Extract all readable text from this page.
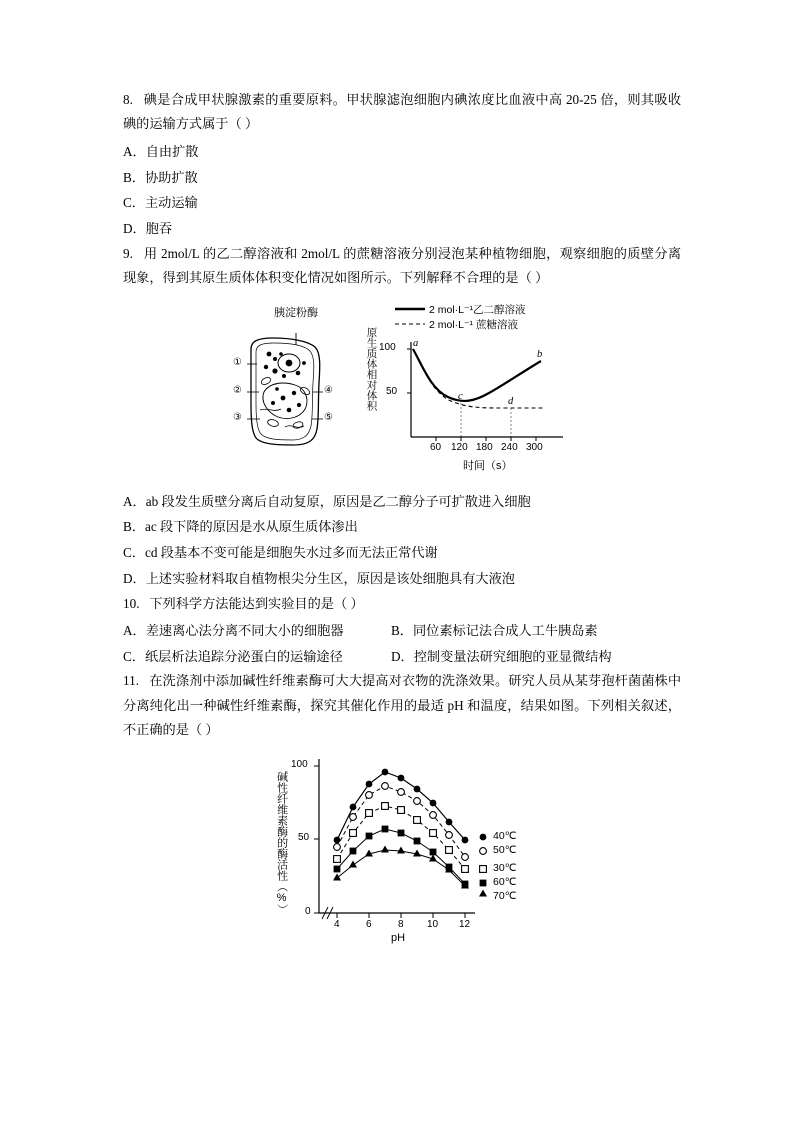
8. 碘是合成甲状腺激素的重要原料。甲状腺滤泡细胞内碘浓度比血液中高 20-25 倍，则其吸收碘的运输方式属于（ ）

A．自由扩散

B．协助扩散

C．主动运输

D．胞吞

9. 用 2mol/L 的乙二醇溶液和 2mol/L 的蔗糖溶液分别浸泡某种植物细胞，观察细胞的质壁分离现象，得到其原生质体体积变化情况如图所示。下列解释不合理的是（ ）

胰淀粉酶
①
②
③
④
⑤
2 mol·L⁻¹乙二醇溶液
2 mol·L⁻¹ 蔗糖溶液
原生质体相对体积 100
50
60 120 180 240 300
时间（s）
a
b
c	d

A．ab 段发生质壁分离后自动复原，原因是乙二醇分子可扩散进入细胞

B．ac 段下降的原因是水从原生质体渗出

C．cd 段基本不变可能是细胞失水过多而无法正常代谢

D．上述实验材料取自植物根尖分生区，原因是该处细胞具有大液泡

10. 下列科学方法能达到实验目的是（ ）

A．差速离心法分离不同大小的细胞器	B．同位素标记法合成人工牛胰岛素

C．纸层析法追踪分泌蛋白的运输途径	D．控制变量法研究细胞的亚显微结构

11. 在洗涤剂中添加碱性纤维素酶可大大提高对衣物的洗涤效果。研究人员从某芽孢杆菌菌株中分离纯化出一种碱性纤维素酶，探究其催化作用的最适 pH 和温度，结果如图。下列相关叙述，不正确的是（ ）

碱性纤维素酶的酶活性（%）
100
50
0
4	6	8 10 12
pH
40℃
50℃
30℃
60℃
70℃
